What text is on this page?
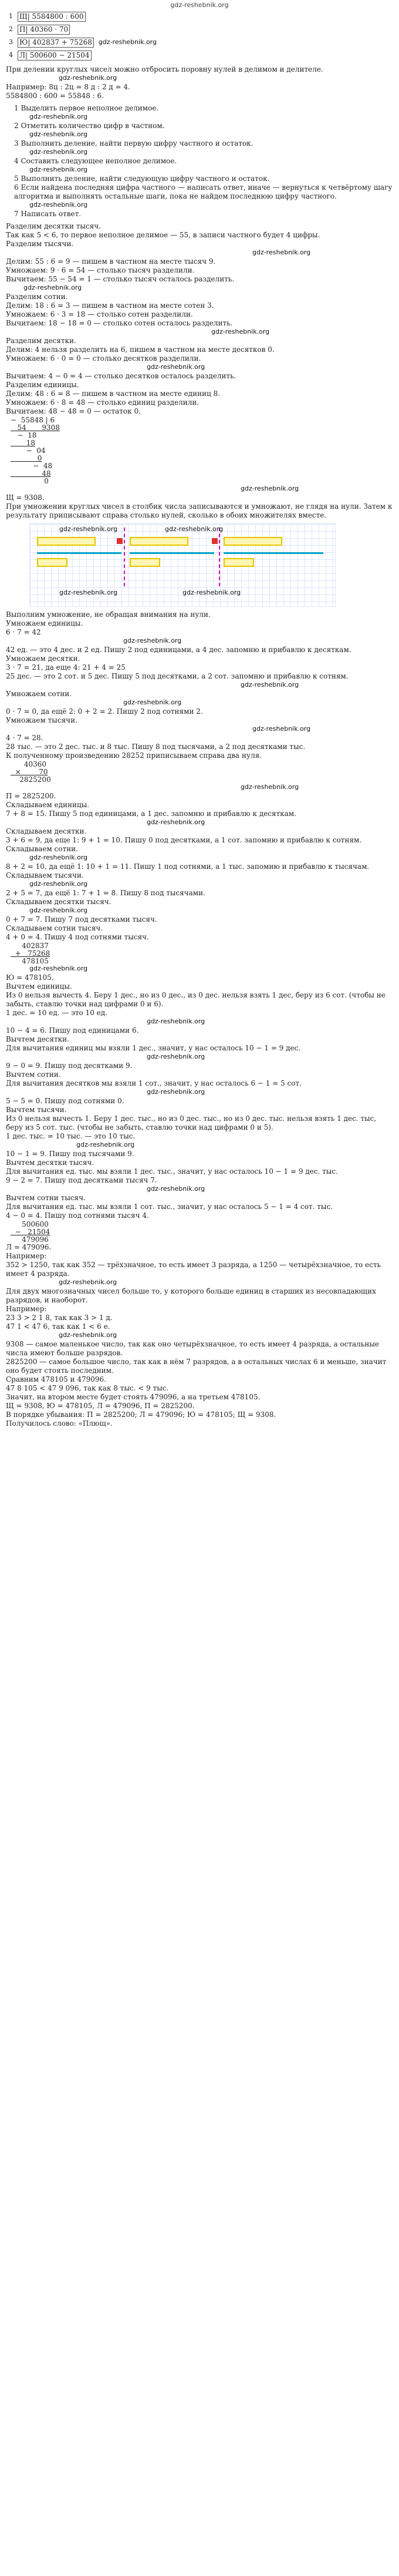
gdz-reshebnik.org
1 Щ| 5584800 : 600
2 П| 40360 · 70
3 Ю| 402837 + 75268 gdz-reshebnik.org
4 Л| 500600 − 21504

При делении круглых чисел можно отбросить поровну нулей в делимом и делителе.

gdz-reshebnik.org

Например: 8ц : 2ц = 8 д : 2 д = 4.

5584800 : 600 = 55848 : 6.

1 Выделить первое неполное делимое.

gdz-reshebnik.org

2 Отметить количество цифр в частном.

gdz-reshebnik.org

3 Выполнить деление, найти первую цифру частного и остаток.

gdz-reshebnik.org

4 Составить следующее неполное делимое.

gdz-reshebnik.org

5 Выполнить деление, найти следующую цифру частного и остаток.

6 Если найдена последняя цифра частного — написать ответ, иначе — вернуться к четвёртому шагу алгоритма и выполнять остальные шаги, пока не найдем последнюю цифру частного.

gdz-reshebnik.org

7 Написать ответ.

Разделим десятки тысяч.

Так как 5 < 6, то первое неполное делимое — 55, в записи частного будет 4 цифры.

Разделим тысячи.

gdz-reshebnik.org

Делим: 55 : 6 = 9 — пишем в частном на месте тысяч 9.

Умножаем: 9 · 6 = 54 — столько тысяч разделили.

Вычитаем: 55 − 54 = 1 — столько тысяч осталось разделить.

gdz-reshebnik.org

Разделим сотни.

Делим: 18 : 6 = 3 — пишем в частном на месте сотен 3.

Умножаем: 6 · 3 = 18 — столько сотен разделили.

Вычитаем: 18 − 18 = 0 — столько сотен осталось разделить.

gdz-reshebnik.org

Разделим десятки.

Делим: 4 нельзя разделить на 6, пишем в частном на месте десятков 0.

Умножаем: 6 · 0 = 0 — столько десятков разделили.

gdz-reshebnik.org

Вычитаем: 4 − 0 = 4 — столько десятков осталось разделить.

Разделим единицы.

Делим: 48 : 6 = 8 — пишем в частном на месте единиц 8.

Умножаем: 6 · 8 = 48 — столько единиц разделили.

Вычитаем: 48 − 48 = 0 — остаток 0.

−  55848 | 6
54       9308
−  18
18
−  04
0
−  48
48
0
gdz-reshebnik.org

Щ = 9308.

При умножении круглых чисел в столбик числа записываются и умножают, не глядя на нули. Затем к результату приписывают справа столько нулей, сколько в обоих множителях вместе.

gdz-reshebnik.org	gdz-reshebnik.org
gdz-reshebnik.org	gdz-reshebnik.org

Выполним умножение, не обращая внимания на нули.

Умножаем единицы.

6 · 7 = 42

gdz-reshebnik.org

42 ед. — это 4 дес. и 2 ед. Пишу 2 под единицами, а 4 дес. запомню и прибавлю к десяткам.

Умножаем десятки.

3 · 7 = 21, да еще 4: 21 + 4 = 25

25 дес. — это 2 сот. и 5 дес. Пишу 5 под десятками, а 2 сот. запомню и прибавлю к сотням.

gdz-reshebnik.org

Умножаем сотни.

gdz-reshebnik.org

0 · 7 = 0, да ещё 2: 0 + 2 = 2. Пишу 2 под сотнями 2.

Умножаем тысячи.

gdz-reshebnik.org

4 · 7 = 28.

28 тыс. — это 2 дес. тыс. и 8 тыс. Пишу 8 под тысячами, а 2 под десятками тыс.

К полученному произведению 28252 приписываем справа два нуля.

40360
×        70
2825200
gdz-reshebnik.org

П = 2825200.

Складываем единицы.

7 + 8 = 15. Пишу 5 под единицами, а 1 дес. запомню и прибавлю к десяткам.

gdz-reshebnik.org

Складываем десятки.

3 + 6 = 9, да еще 1: 9 + 1 = 10. Пишу 0 под десятками, а 1 сот. запомню и прибавлю к сотням.

Складываем сотни.

gdz-reshebnik.org

8 + 2 = 10, да ещё 1: 10 + 1 = 11. Пишу 1 под сотнями, а 1 тыс. запомню и прибавлю к тысячам.

Складываем тысячи.

gdz-reshebnik.org

2 + 5 = 7, да ещё 1: 7 + 1 = 8. Пишу 8 под тысячами.

Складываем десятки тысяч.

gdz-reshebnik.org

0 + 7 = 7. Пишу 7 под десятками тысяч.

Складываем сотни тысяч.

4 + 0 = 4. Пишу 4 под сотнями тысяч.

402837
+   75268
478105
gdz-reshebnik.org

Ю = 478105.

Вычтем единицы.

Из 0 нельзя вычесть 4. Беру 1 дес., но из 0 дес., из 0 дес. нельзя взять 1 дес, беру из 6 сот. (чтобы не забыть, ставлю точки над цифрами 0 и 6).

1 дес. = 10 ед. — это 10 ед.

gdz-reshebnik.org

10 − 4 = 6. Пишу под единицами 6.

Вычтем десятки.

Для вычитания единиц мы взяли 1 дес., значит, у нас осталось 10 − 1 = 9 дес.

gdz-reshebnik.org

9 − 0 = 9. Пишу под десятками 9.

Вычтем сотни.

Для вычитания десятков мы взяли 1 сот., значит, у нас осталось 6 − 1 = 5 сот.

gdz-reshebnik.org

5 − 5 = 0. Пишу под сотнями 0.

Вычтем тысячи.

Из 0 нельзя вычесть 1. Беру 1 дес. тыс., но из 0 дес. тыс., но из 0 дес. тыс. нельзя взять 1 дес. тыс, беру из 5 сот. тыс. (чтобы не забыть, ставлю точки над цифрами 0 и 5).

1 дес. тыс. = 10 тыс. — это 10 тыс.

gdz-reshebnik.org

10 − 1 = 9. Пишу под тысячами 9.

Вычтем десятки тысяч.

Для вычитания ед. тыс. мы взяли 1 дес. тыс., значит, у нас осталось 10 − 1 = 9 дес. тыс.

9 − 2 = 7. Пишу под десятками тысяч 7.

gdz-reshebnik.org

Вычтем сотни тысяч.

Для вычитания ед. тыс. мы взяли 1 сот. тыс., значит, у нас осталось 5 − 1 = 4 сот. тыс.

4 − 0 = 4. Пишу под сотнями тысяч 4.

500600
−   21504
479096

Л = 479096.

Например:

352 > 1250, так как 352 — трёхзначное, то есть имеет 3 разряда, а 1250 — четырёхзначное, то есть имеет 4 разряда.

gdz-reshebnik.org

Для двух многозначных чисел больше то, у которого больше единиц в старших из несовпадающих разрядов, и наоборот.

Например:

23 3 > 2 1 8, так как 3 > 1 д.

47 1 < 47 6, так как 1 < 6 е.

gdz-reshebnik.org

9308 — самое маленькое число, так как оно четырёхзначное, то есть имеет 4 разряда, а остальные числа имеют больше разрядов.

2825200 — самое большое число, так как в нём 7 разрядов, а в остальных числах 6 и меньше, значит оно будет стоять последним.

Сравним 478105 и 479096.

47 8 105 < 47 9 096, так как 8 тыс. < 9 тыс.

Значит, на втором месте будет стоять 479096, а на третьем 478105.

Щ = 9308, Ю = 478105, Л = 479096, П = 2825200.

В порядке убывания: П = 2825200; Л = 479096; Ю = 478105; Щ = 9308.

Получилось слово: «Плющ».
